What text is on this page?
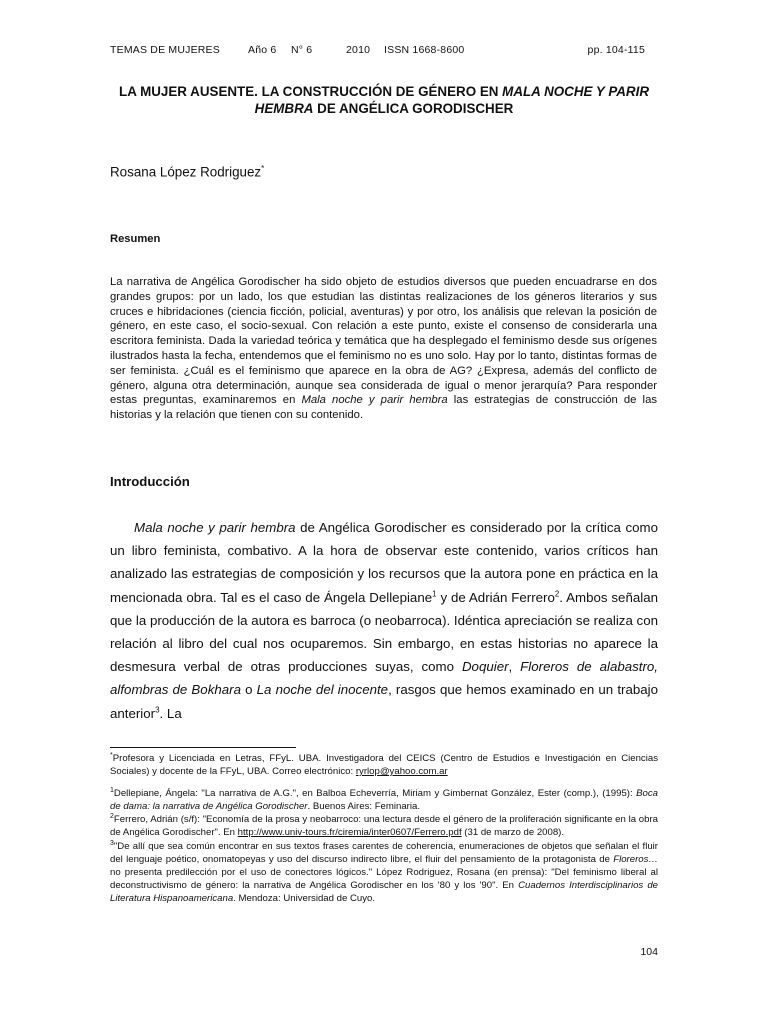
TEMAS DE MUJERES	Año 6 N° 6	2010 ISSN 1668-8600	pp. 104-115
LA MUJER AUSENTE. LA CONSTRUCCIÓN DE GÉNERO EN MALA NOCHE Y PARIR HEMBRA DE ANGÉLICA GORODISCHER
Rosana López Rodriguez*
Resumen
La narrativa de Angélica Gorodischer ha sido objeto de estudios diversos que pueden encuadrarse en dos grandes grupos: por un lado, los que estudian las distintas realizaciones de los géneros literarios y sus cruces e hibridaciones (ciencia ficción, policial, aventuras) y por otro, los análisis que relevan la posición de género, en este caso, el socio-sexual. Con relación a este punto, existe el consenso de considerarla una escritora feminista. Dada la variedad teórica y temática que ha desplegado el feminismo desde sus orígenes ilustrados hasta la fecha, entendemos que el feminismo no es uno solo. Hay por lo tanto, distintas formas de ser feminista. ¿Cuál es el feminismo que aparece en la obra de AG? ¿Expresa, además del conflicto de género, alguna otra determinación, aunque sea considerada de igual o menor jerarquía? Para responder estas preguntas, examinaremos en Mala noche y parir hembra las estrategias de construcción de las historias y la relación que tienen con su contenido.
Introducción

Mala noche y parir hembra de Angélica Gorodischer es considerado por la crítica como un libro feminista, combativo. A la hora de observar este contenido, varios críticos han analizado las estrategias de composición y los recursos que la autora pone en práctica en la mencionada obra. Tal es el caso de Ángela Dellepiane$^1$ y de Adrián Ferrero$^2$. Ambos señalan que la producción de la autora es barroca (o neobarroca). Idéntica apreciación se realiza con relación al libro del cual nos ocuparemos. Sin embargo, en estas historias no aparece la desmesura verbal de otras producciones suyas, como Doquier, Floreros de alabastro, alfombras de Bokhara o La noche del inocente, rasgos que hemos examinado en un trabajo anterior$^3$. La

*Profesora y Licenciada en Letras, FFyL. UBA. Investigadora del CEICS (Centro de Estudios e Investigación en Ciencias Sociales) y docente de la FFyL, UBA. Correo electrónico: ryrlop@yahoo.com.ar

$^1$Dellepiane, Ángela: "La narrativa de A.G.", en Balboa Echeverría, Miriam y Gimbernat González, Ester (comp.), (1995): Boca de dama: la narrativa de Angélica Gorodischer. Buenos Aires: Feminaria.

$^2$Ferrero, Adrián (s/f): "Economía de la prosa y neobarroco: una lectura desde el género de la proliferación significante en la obra de Angélica Gorodischer". En http://www.univ-tours.fr/ciremia/inter0607/Ferrero.pdf (31 de marzo de 2008).

$^3$"De allí que sea común encontrar en sus textos frases carentes de coherencia, enumeraciones de objetos que señalan el fluir del lenguaje poético, onomatopeyas y uso del discurso indirecto libre, el fluir del pensamiento de la protagonista de Floreros… no presenta predilección por el uso de conectores lógicos." López Rodriguez, Rosana (en prensa): "Del feminismo liberal al deconstructivismo de género: la narrativa de Angélica Gorodischer en los '80 y los '90". En Cuadernos Interdisciplinarios de Literatura Hispanoamericana. Mendoza: Universidad de Cuyo.

104
